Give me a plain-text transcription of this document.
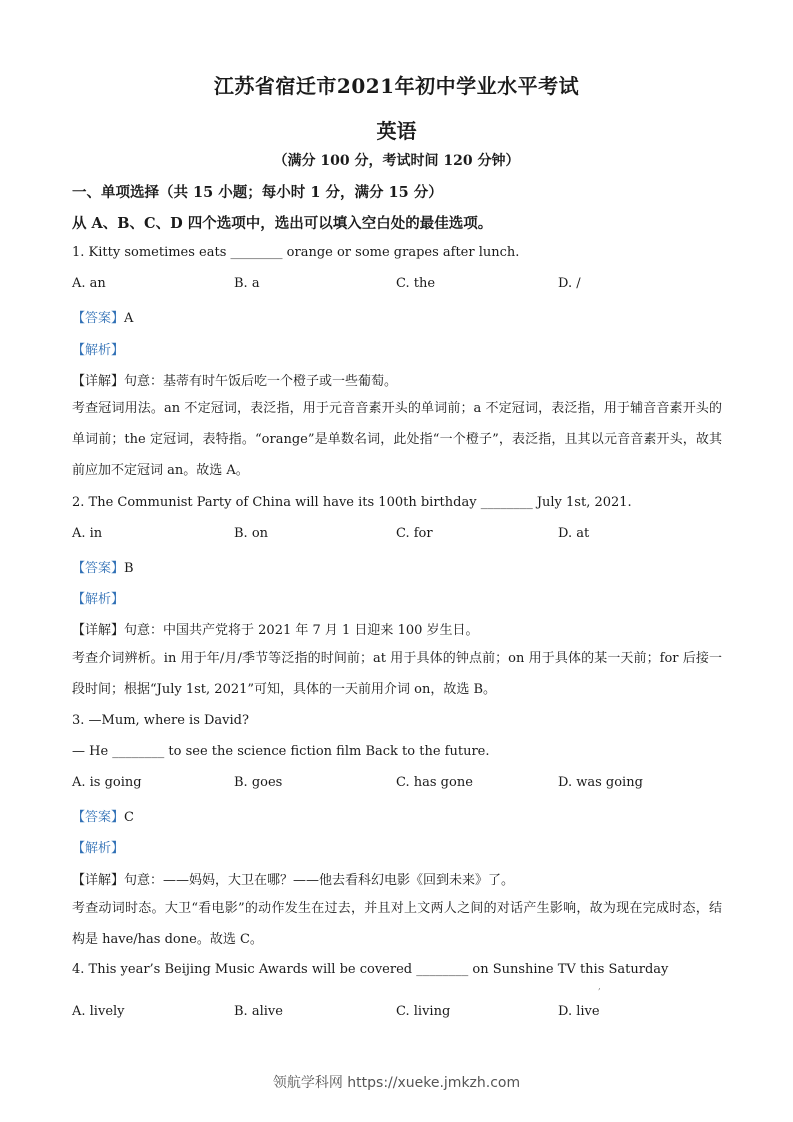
江苏省宿迁市2021年初中学业水平考试
英语
（满分 100 分，考试时间 120 分钟）
一、单项选择（共 15 小题；每小时 1 分，满分 15 分）
从 A、B、C、D 四个选项中，选出可以填入空白处的最佳选项。
1. Kitty sometimes eats ________ orange or some grapes after lunch.
A. an	B. a	C. the	D. /
【答案】A
【解析】
【详解】句意：基蒂有时午饭后吃一个橙子或一些葡萄。
考查冠词用法。an 不定冠词，表泛指，用于元音音素开头的单词前；a 不定冠词，表泛指，用于辅音音素开头的单词前；the 定冠词，表特指。“orange”是单数名词，此处指“一个橙子”，表泛指，且其以元音音素开头，故其前应加不定冠词 an。故选 A。
2. The Communist Party of China will have its 100th birthday ________ July 1st, 2021.
A. in	B. on	C. for	D. at
【答案】B
【解析】
【详解】句意：中国共产党将于 2021 年 7 月 1 日迎来 100 岁生日。
考查介词辨析。in 用于年/月/季节等泛指的时间前；at 用于具体的钟点前；on 用于具体的某一天前；for 后接一段时间；根据“July 1st, 2021”可知，具体的一天前用介词 on，故选 B。
3. —Mum, where is David?
— He ________ to see the science fiction film Back to the future.
A. is going	B. goes	C. has gone	D. was going
【答案】C
【解析】
【详解】句意：——妈妈，大卫在哪？——他去看科幻电影《回到未来》了。
考查动词时态。大卫“看电影”的动作发生在过去，并且对上文两人之间的对话产生影响，故为现在完成时态，结构是 have/has done。故选 C。
4. This year’s Beijing Music Awards will be covered ________ on Sunshine TV this Saturday
,
A. lively	B. alive	C. living	D. live
领航学科网 https://xueke.jmkzh.com
